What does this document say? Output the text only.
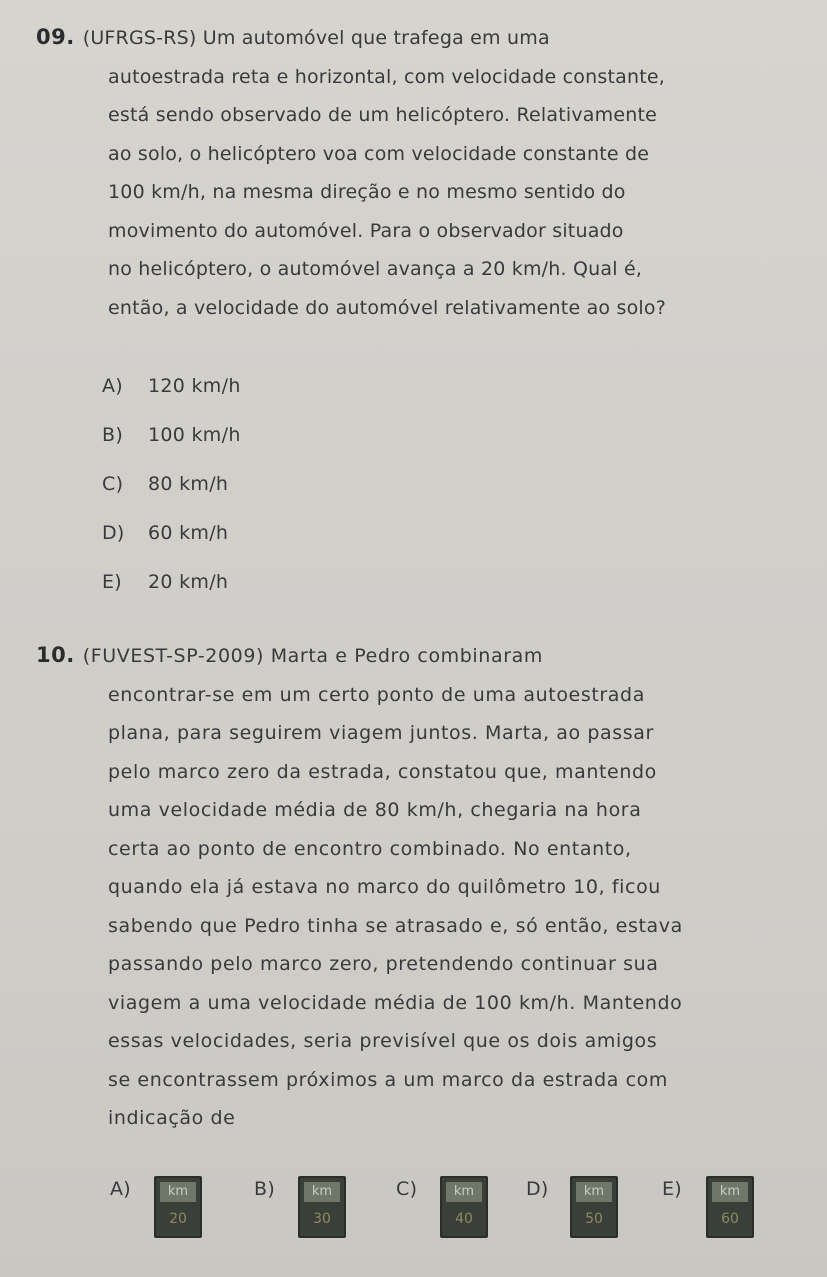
09. (UFRGS-RS) Um automóvel que trafega em uma
autoestrada reta e horizontal, com velocidade constante,
está sendo observado de um helicóptero. Relativamente
ao solo, o helicóptero voa com velocidade constante de
100 km/h, na mesma direção e no mesmo sentido do
movimento do automóvel. Para o observador situado
no helicóptero, o automóvel avança a 20 km/h. Qual é,
então, a velocidade do automóvel relativamente ao solo?
A) 120 km/h
B) 100 km/h
C) 80 km/h
D) 60 km/h
E) 20 km/h
10. (FUVEST-SP-2009) Marta e Pedro combinaram
encontrar-se em um certo ponto de uma autoestrada
plana, para seguirem viagem juntos. Marta, ao passar
pelo marco zero da estrada, constatou que, mantendo
uma velocidade média de 80 km/h, chegaria na hora
certa ao ponto de encontro combinado. No entanto,
quando ela já estava no marco do quilômetro 10, ficou
sabendo que Pedro tinha se atrasado e, só então, estava
passando pelo marco zero, pretendendo continuar sua
viagem a uma velocidade média de 100 km/h. Mantendo
essas velocidades, seria previsível que os dois amigos
se encontrassem próximos a um marco da estrada com
indicação de
A)	km
20
B)	km
30
C)	km
40
D)	km
50
E)	km
60
